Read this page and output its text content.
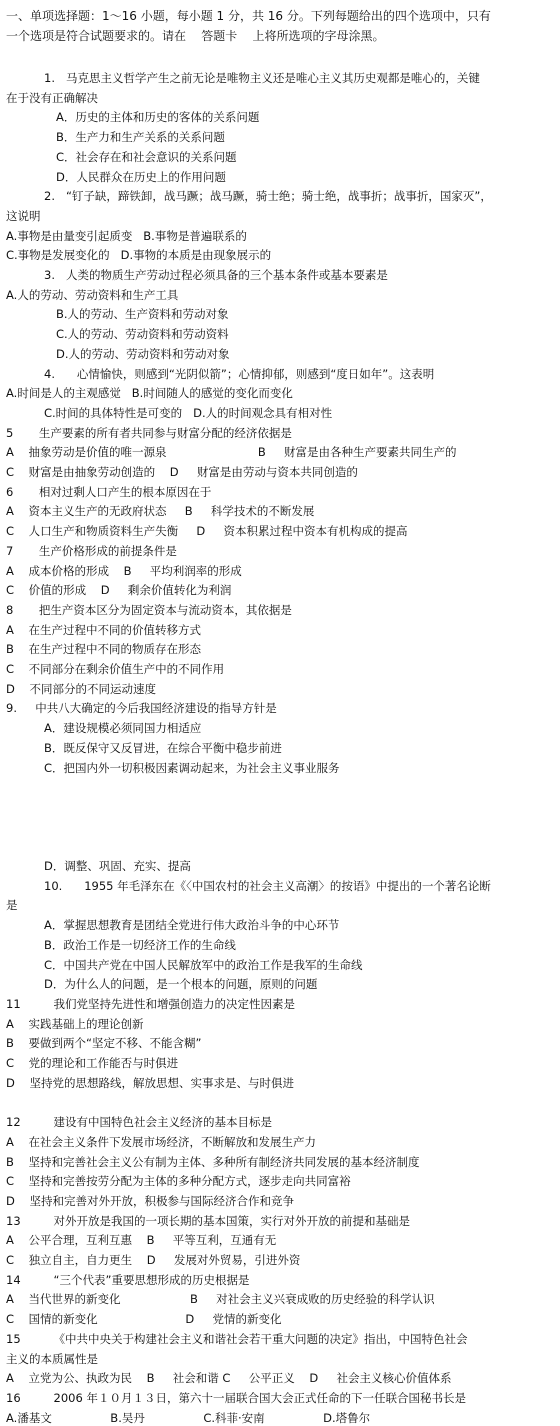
一、单项选择题：1～16 小题，每小题 1 分，共 16 分。下列每题给出的四个选项中，只有
一个选项是符合试题要求的。请在    答题卡    上将所选项的字母涂黑。
1.   马克思主义哲学产生之前无论是唯物主义还是唯心主义其历史观都是唯心的，关键
在于没有正确解决
A．历史的主体和历史的客体的关系问题
B．生产力和生产关系的关系问题
C．社会存在和社会意识的关系问题
D．人民群众在历史上的作用问题
2.   “钉子缺，蹄铁卸，战马蹶；战马蹶，骑士绝；骑士绝，战事折；战事折，国家灭”，
这说明
A.事物是由量变引起质变   B.事物是普遍联系的
C.事物是发展变化的   D.事物的本质是由现象展示的
3.   人类的物质生产劳动过程必须具备的三个基本条件或基本要素是
A.人的劳动、劳动资料和生产工具
B.人的劳动、生产资料和劳动对象
C.人的劳动、劳动资料和劳动资料
D.人的劳动、劳动资料和劳动对象
4.      心情愉快，则感到“光阴似箭”；心情抑郁，则感到“度日如年”。这表明
A.时间是人的主观感觉   B.时间随人的感觉的变化而变化
C.时间的具体特性是可变的   D.人的时间观念具有相对性
5       生产要素的所有者共同参与财富分配的经济依据是
A    抽象劳动是价值的唯一源泉                         B     财富是由各种生产要素共同生产的
C    财富是由抽象劳动创造的    D     财富是由劳动与资本共同创造的
6       相对过剩人口产生的根本原因在于
A    资本主义生产的无政府状态     B     科学技术的不断发展
C    人口生产和物质资料生产失衡     D     资本积累过程中资本有机构成的提高
7       生产价格形成的前提条件是
A    成本价格的形成    B     平均利润率的形成
C    价值的形成    D     剩余价值转化为利润
8       把生产资本区分为固定资本与流动资本，其依据是
A    在生产过程中不同的价值转移方式
B    在生产过程中不同的物质存在形态
C    不同部分在剩余价值生产中的不同作用
D    不同部分的不同运动速度
9.     中共八大确定的今后我国经济建设的指导方针是
A．建设规模必须同国力相适应
B．既反保守又反冒进，在综合平衡中稳步前进
C．把国内外一切积极因素调动起来，为社会主义事业服务
D．调整、巩固、充实、提高
10.      1955 年毛泽东在《〈中国农村的社会主义高潮〉的按语》中提出的一个著名论断
是
A．掌握思想教育是团结全党进行伟大政治斗争的中心环节
B．政治工作是一切经济工作的生命线
C．中国共产党在中国人民解放军中的政治工作是我军的生命线
D．为什么人的问题，是一个根本的问题，原则的问题
11         我们党坚持先进性和增强创造力的决定性因素是
A    实践基础上的理论创新
B    要做到两个“坚定不移、不能含糊”
C    党的理论和工作能否与时俱进
D    坚持党的思想路线，解放思想、实事求是、与时俱进
12         建设有中国特色社会主义经济的基本目标是
A    在社会主义条件下发展市场经济，不断解放和发展生产力
B    坚持和完善社会主义公有制为主体、多种所有制经济共同发展的基本经济制度
C    坚持和完善按劳分配为主体的多种分配方式，逐步走向共同富裕
D    坚持和完善对外开放，积极参与国际经济合作和竞争
13         对外开放是我国的一项长期的基本国策，实行对外开放的前提和基础是
A    公平合理，互利互惠    B     平等互利，互通有无
C    独立自主，自力更生    D     发展对外贸易，引进外资
14         “三个代表”重要思想形成的历史根据是
A    当代世界的新变化                   B     对社会主义兴衰成败的历史经验的科学认识
C    国情的新变化                        D     党情的新变化
15         《中共中央关于构建社会主义和谐社会若干重大问题的决定》指出，中国特色社会
主义的本质属性是
A    立党为公、执政为民    B     社会和谐 C     公平正义    D     社会主义核心价值体系
16         2006 年１０月１３日，第六十一届联合国大会正式任命的下一任联合国秘书长是
A.潘基文                B.吴丹                C.科菲·安南                D.塔鲁尔
